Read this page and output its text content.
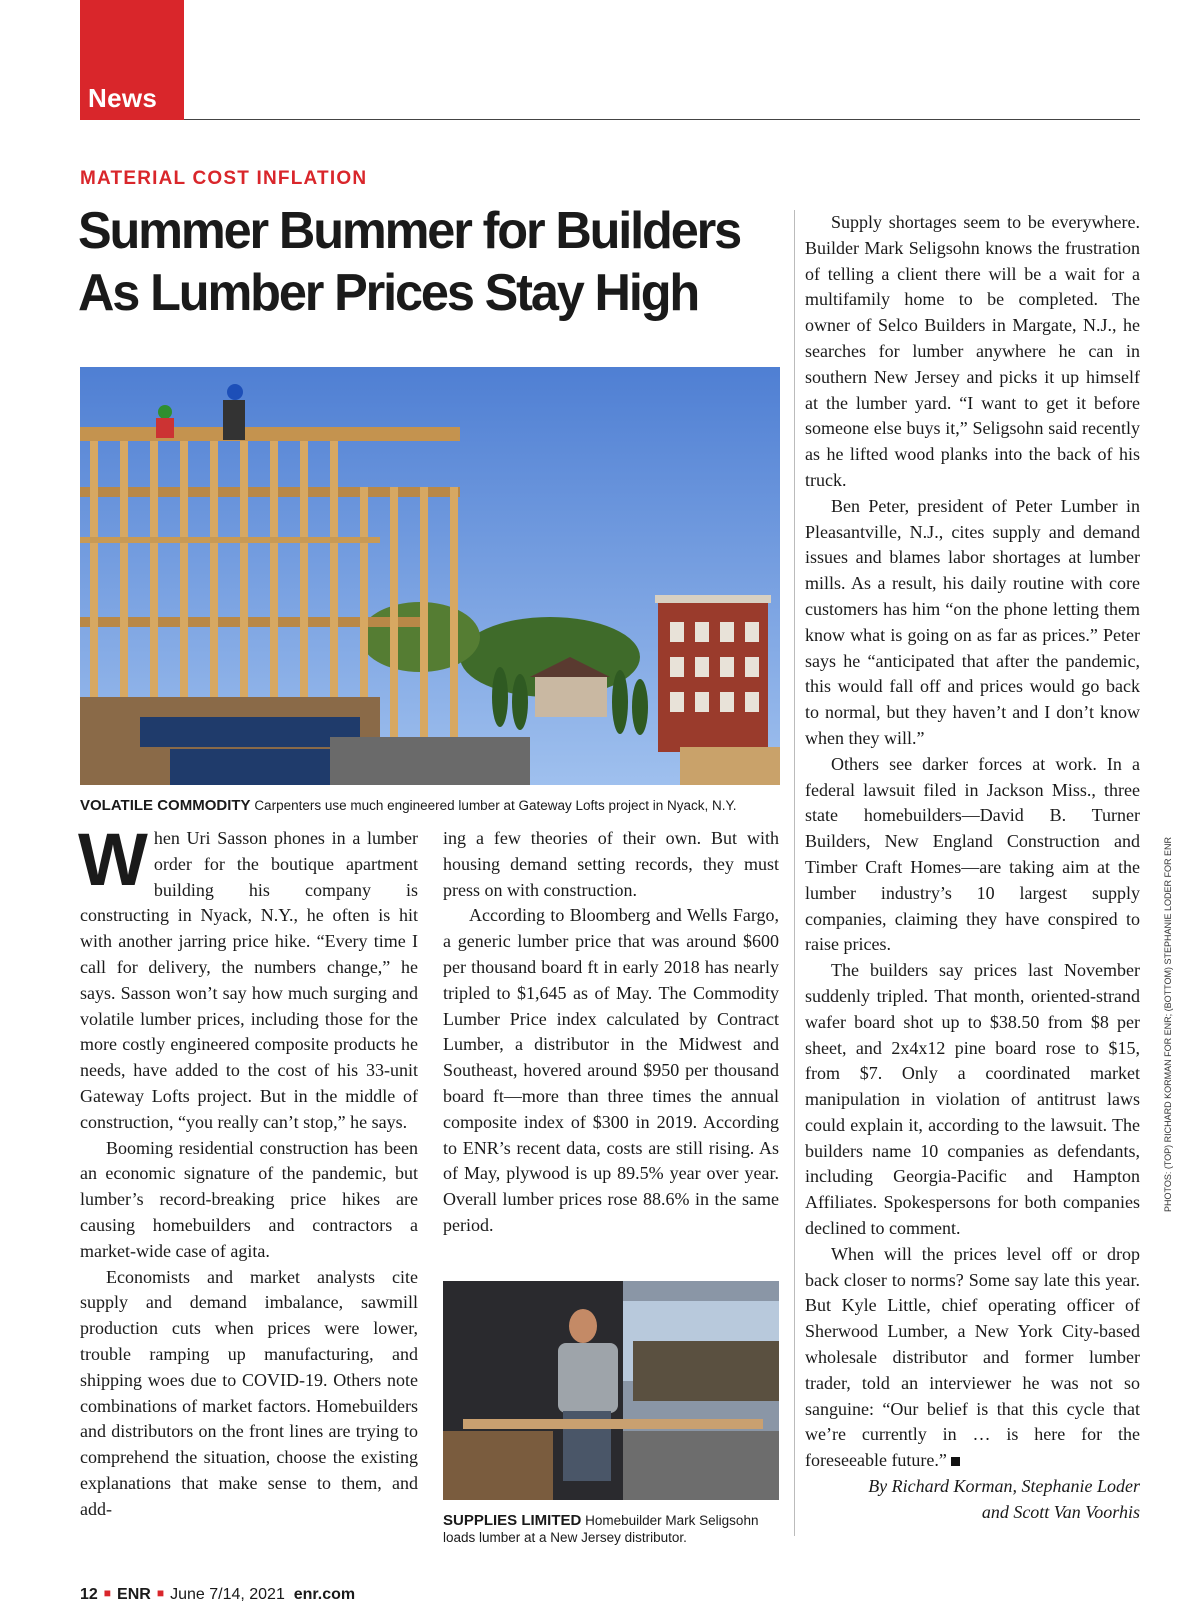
News
MATERIAL COST INFLATION
Summer Bummer for Builders
As Lumber Prices Stay High
VOLATILE COMMODITY Carpenters use much engineered lumber at Gateway Lofts project in Nyack, N.Y.

When Uri Sasson phones in a lumber order for the boutique apartment building his company is constructing in Nyack, N.Y., he often is hit with another jarring price hike. “Every time I call for delivery, the numbers change,” he says. Sasson won’t say how much surging and volatile lumber prices, including those for the more costly engineered composite products he needs, have added to the cost of his 33-unit Gateway Lofts project. But in the middle of construction, “you really can’t stop,” he says.

Booming residential construction has been an economic signature of the pandemic, but lumber’s record-breaking price hikes are causing homebuilders and contractors a market-wide case of agita.

Economists and market analysts cite supply and demand imbalance, sawmill production cuts when prices were lower, trouble ramping up manufacturing, and shipping woes due to COVID-19. Others note combinations of market factors. Homebuilders and distributors on the front lines are trying to comprehend the situation, choose the existing explanations that make sense to them, and add-

ing a few theories of their own. But with housing demand setting records, they must press on with construction.

According to Bloomberg and Wells Fargo, a generic lumber price that was around $600 per thousand board ft in early 2018 has nearly tripled to $1,645 as of May. The Commodity Lumber Price index calculated by Contract Lumber, a distributor in the Midwest and Southeast, hovered around $950 per thousand board ft—more than three times the annual composite index of $300 in 2019. According to ENR’s recent data, costs are still rising. As of May, plywood is up 89.5% year over year. Overall lumber prices rose 88.6% in the same period.

SUPPLIES LIMITED Homebuilder Mark Seligsohn loads lumber at a New Jersey distributor.

Supply shortages seem to be everywhere. Builder Mark Seligsohn knows the frustration of telling a client there will be a wait for a multifamily home to be completed. The owner of Selco Builders in Margate, N.J., he searches for lumber anywhere he can in southern New Jersey and picks it up himself at the lumber yard. “I want to get it before someone else buys it,” Seligsohn said recently as he lifted wood planks into the back of his truck.

Ben Peter, president of Peter Lumber in Pleasantville, N.J., cites supply and demand issues and blames labor shortages at lumber mills. As a result, his daily routine with core customers has him “on the phone letting them know what is going on as far as prices.” Peter says he “anticipated that after the pandemic, this would fall off and prices would go back to normal, but they haven’t and I don’t know when they will.”

Others see darker forces at work. In a federal lawsuit filed in Jackson Miss., three state homebuilders—David B. Turner Builders, New England Construction and Timber Craft Homes—are taking aim at the lumber industry’s 10 largest supply companies, claiming they have conspired to raise prices.

The builders say prices last November suddenly tripled. That month, oriented-strand wafer board shot up to $38.50 from $8 per sheet, and 2x4x12 pine board rose to $15, from $7. Only a coordinated market manipulation in violation of antitrust laws could explain it, according to the lawsuit. The builders name 10 companies as defendants, including Georgia-Pacific and Hampton Affiliates. Spokespersons for both companies declined to comment.

When will the prices level off or drop back closer to norms? Some say late this year. But Kyle Little, chief operating officer of Sherwood Lumber, a New York City-based wholesale distributor and former lumber trader, told an interviewer he was not so sanguine: “Our belief is that this cycle that we’re currently in … is here for the foreseeable future.”

By Richard Korman, Stephanie Loder
and Scott Van Voorhis
12 ■ ENR ■ June 7/14, 2021 enr.com
PHOTOS: (TOP) RICHARD KORMAN FOR ENR; (BOTTOM) STEPHANIE LODER FOR ENR
